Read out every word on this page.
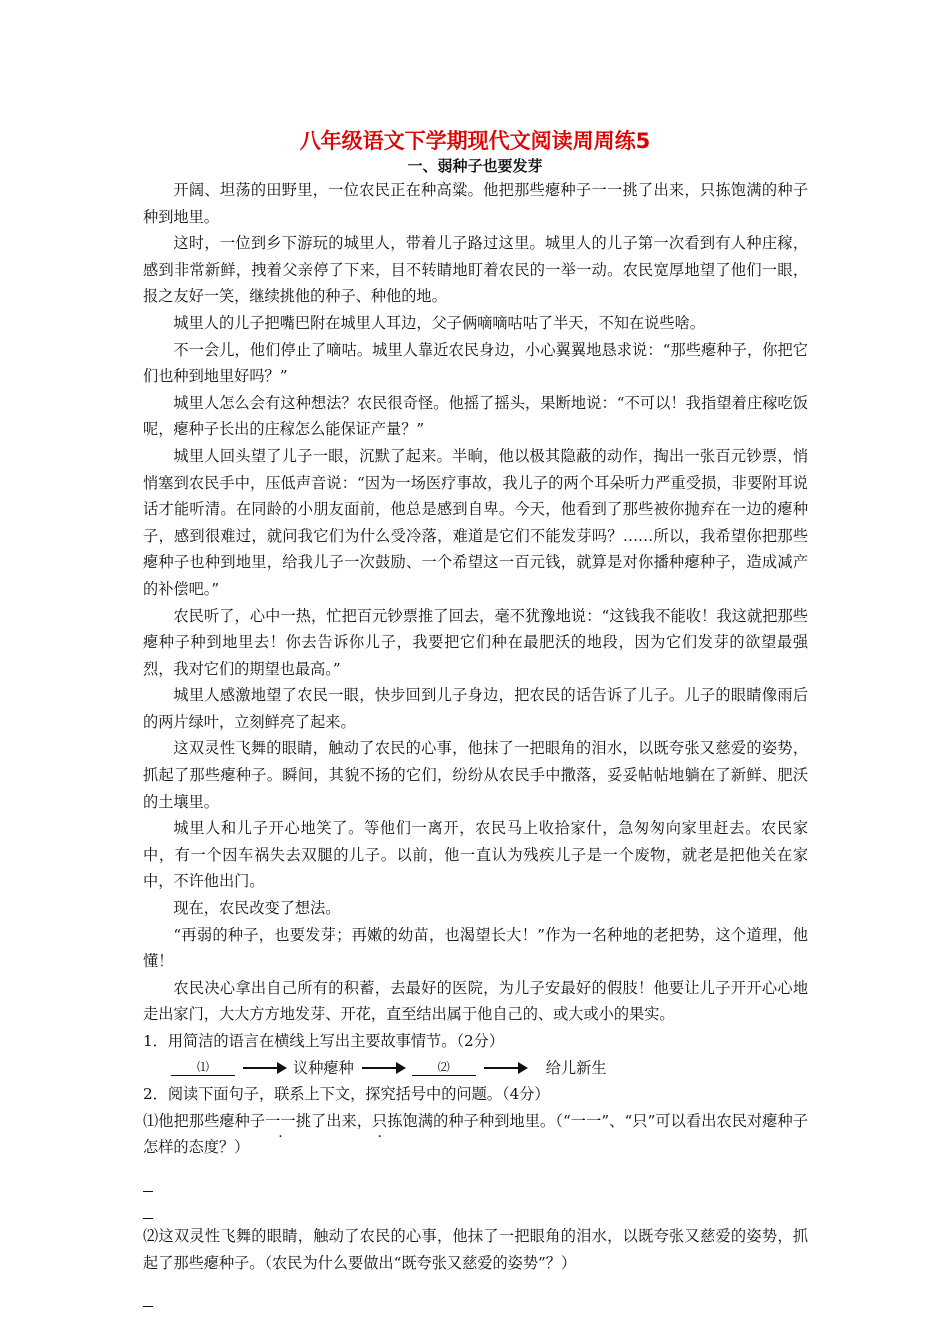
八年级语文下学期现代文阅读周周练5
一、弱种子也要发芽

开阔、坦荡的田野里，一位农民正在种高粱。他把那些瘪种子一一挑了出来，只拣饱满的种子种到地里。

这时，一位到乡下游玩的城里人，带着儿子路过这里。城里人的儿子第一次看到有人种庄稼，感到非常新鲜，拽着父亲停了下来，目不转睛地盯着农民的一举一动。农民宽厚地望了他们一眼，报之友好一笑，继续挑他的种子、种他的地。

城里人的儿子把嘴巴附在城里人耳边，父子俩嘀嘀咕咕了半天，不知在说些啥。

不一会儿，他们停止了嘀咕。城里人靠近农民身边，小心翼翼地恳求说：“那些瘪种子，你把它们也种到地里好吗？”

城里人怎么会有这种想法？农民很奇怪。他摇了摇头，果断地说：“不可以！我指望着庄稼吃饭呢，瘪种子长出的庄稼怎么能保证产量？”

城里人回头望了儿子一眼，沉默了起来。半晌，他以极其隐蔽的动作，掏出一张百元钞票，悄悄塞到农民手中，压低声音说：“因为一场医疗事故，我儿子的两个耳朵听力严重受损，非要附耳说话才能听清。在同龄的小朋友面前，他总是感到自卑。今天，他看到了那些被你抛弃在一边的瘪种子，感到很难过，就问我它们为什么受冷落，难道是它们不能发芽吗？……所以，我希望你把那些瘪种子也种到地里，给我儿子一次鼓励、一个希望这一百元钱，就算是对你播种瘪种子，造成减产的补偿吧。”

农民听了，心中一热，忙把百元钞票推了回去，毫不犹豫地说：“这钱我不能收！我这就把那些瘪种子种到地里去！你去告诉你儿子，我要把它们种在最肥沃的地段，因为它们发芽的欲望最强烈，我对它们的期望也最高。”

城里人感激地望了农民一眼，快步回到儿子身边，把农民的话告诉了儿子。儿子的眼睛像雨后的两片绿叶，立刻鲜亮了起来。

这双灵性飞舞的眼睛，触动了农民的心事，他抹了一把眼角的泪水，以既夸张又慈爱的姿势，抓起了那些瘪种子。瞬间，其貌不扬的它们，纷纷从农民手中撒落，妥妥帖帖地躺在了新鲜、肥沃的土壤里。

城里人和儿子开心地笑了。等他们一离开，农民马上收拾家什，急匆匆向家里赶去。农民家中，有一个因车祸失去双腿的儿子。以前，他一直认为残疾儿子是一个废物，就老是把他关在家中，不许他出门。

现在，农民改变了想法。

“再弱的种子，也要发芽；再嫩的幼苗，也渴望长大！”作为一名种地的老把势，这个道理，他懂！

农民决心拿出自己所有的积蓄，去最好的医院，为儿子安最好的假肢！他要让儿子开开心心地走出家门，大大方方地发芽、开花，直至结出属于他自己的、或大或小的果实。

1．用简洁的语言在横线上写出主要故事情节。（2分）

⑴	议种瘪种	⑵	给儿新生

2．阅读下面句子，联系上下文，探究括号中的问题。（4分）

⑴他把那些瘪种子一一挑了出来，只拣饱满的种子种到地里。（“一一”、“只”可以看出农民对瘪种子怎样的态度？）

⑵这双灵性飞舞的眼睛，触动了农民的心事，他抹了一把眼角的泪水，以既夸张又慈爱的姿势，抓起了那些瘪种子。（农民为什么要做出“既夸张又慈爱的姿势”？）
